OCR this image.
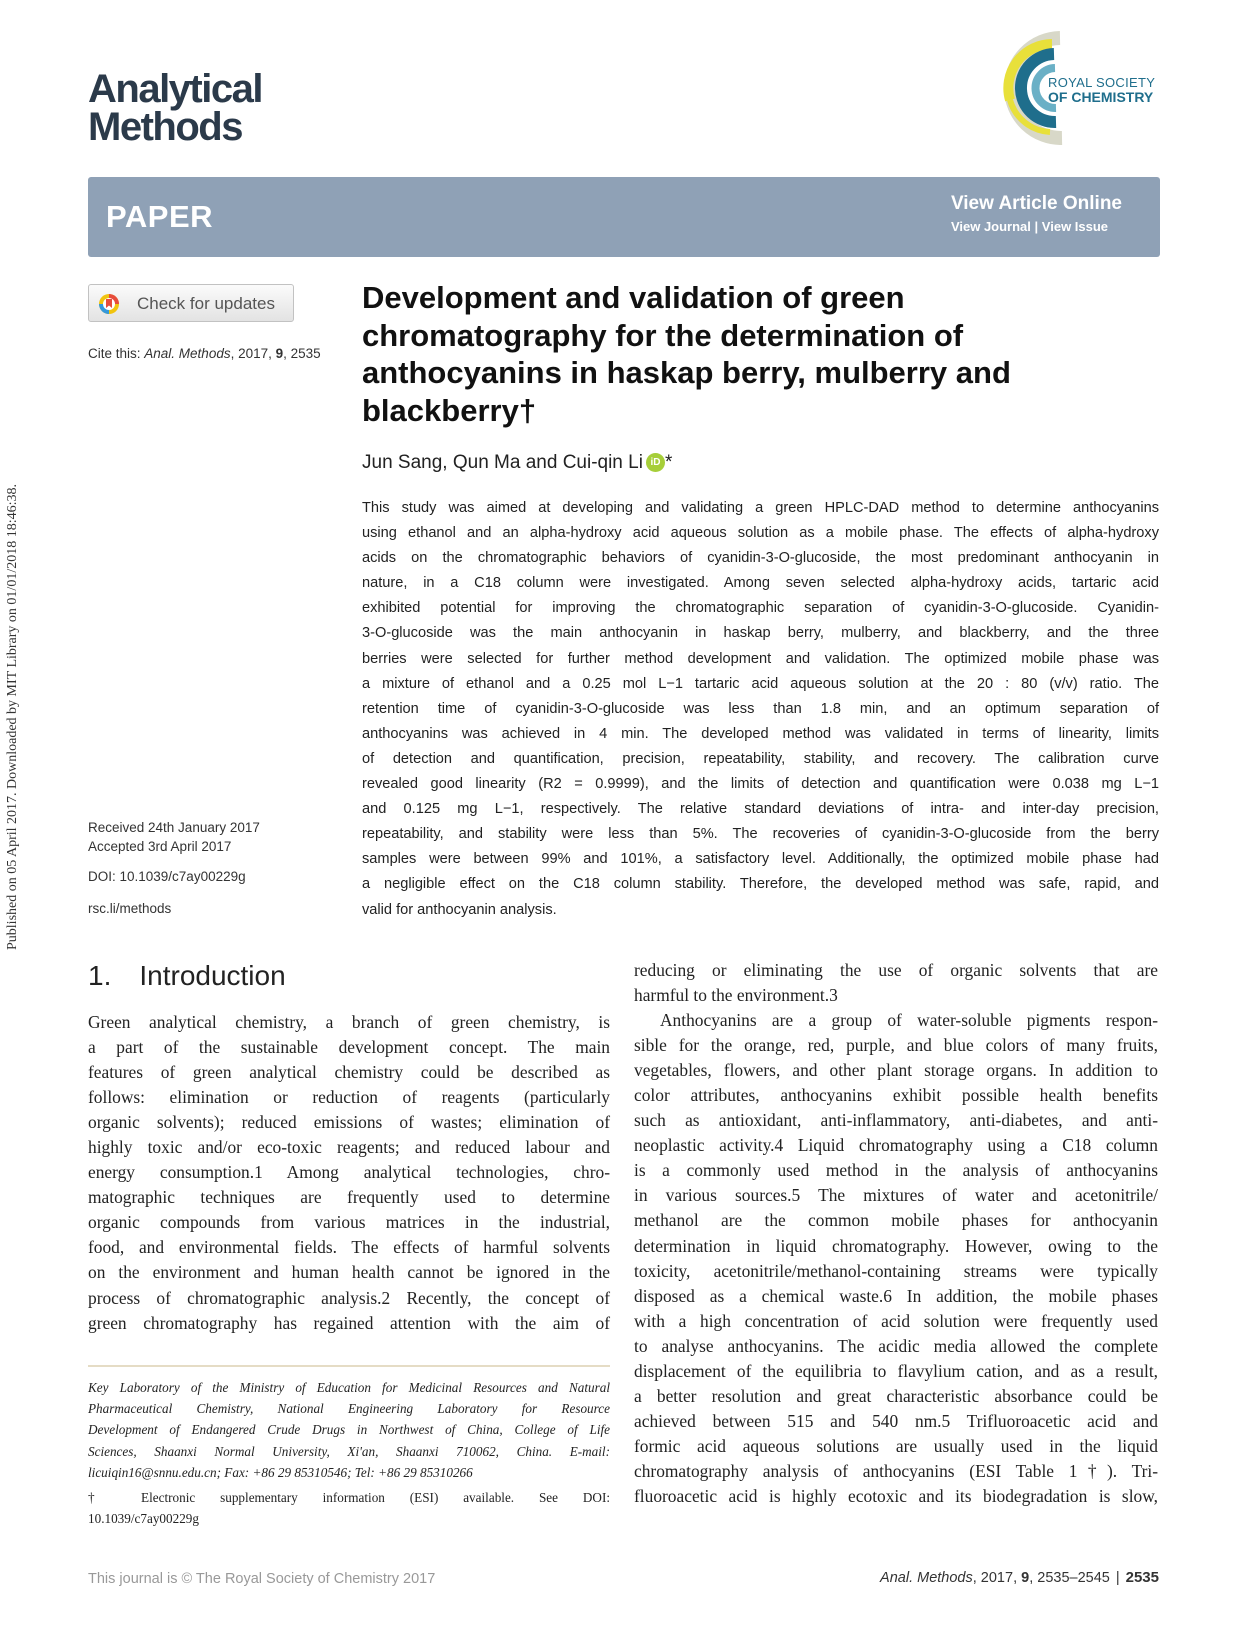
Analytical
Methods
ROYAL SOCIETY
OF CHEMISTRY
PAPER	View Article Online
View Journal | View Issue
Check for updates
Cite this: Anal. Methods, 2017, 9, 2535
Received 24th January 2017
Accepted 3rd April 2017
DOI: 10.1039/c7ay00229g
rsc.li/methods
Development and validation of green chromatography for the determination of anthocyanins in haskap berry, mulberry and blackberry†
Jun Sang, Qun Ma and Cui-qin Li iD *
This study was aimed at developing and validating a green HPLC-DAD method to determine anthocyanins
using ethanol and an alpha-hydroxy acid aqueous solution as a mobile phase. The effects of alpha-hydroxy
acids on the chromatographic behaviors of cyanidin-3-O-glucoside, the most predominant anthocyanin in
nature, in a C18 column were investigated. Among seven selected alpha-hydroxy acids, tartaric acid
exhibited potential for improving the chromatographic separation of cyanidin-3-O-glucoside. Cyanidin-
3-O-glucoside was the main anthocyanin in haskap berry, mulberry, and blackberry, and the three
berries were selected for further method development and validation. The optimized mobile phase was
a mixture of ethanol and a 0.25 mol L−1 tartaric acid aqueous solution at the 20 : 80 (v/v) ratio. The
retention time of cyanidin-3-O-glucoside was less than 1.8 min, and an optimum separation of
anthocyanins was achieved in 4 min. The developed method was validated in terms of linearity, limits
of detection and quantification, precision, repeatability, stability, and recovery. The calibration curve
revealed good linearity (R2 = 0.9999), and the limits of detection and quantification were 0.038 mg L−1
and 0.125 mg L−1, respectively. The relative standard deviations of intra- and inter-day precision,
repeatability, and stability were less than 5%. The recoveries of cyanidin-3-O-glucoside from the berry
samples were between 99% and 101%, a satisfactory level. Additionally, the optimized mobile phase had
a negligible effect on the C18 column stability. Therefore, the developed method was safe, rapid, and
valid for anthocyanin analysis.
1. Introduction
Green analytical chemistry, a branch of green chemistry, is
a part of the sustainable development concept. The main
features of green analytical chemistry could be described as
follows: elimination or reduction of reagents (particularly
organic solvents); reduced emissions of wastes; elimination of
highly toxic and/or eco-toxic reagents; and reduced labour and
energy consumption.1 Among analytical technologies, chro-
matographic techniques are frequently used to determine
organic compounds from various matrices in the industrial,
food, and environmental fields. The effects of harmful solvents
on the environment and human health cannot be ignored in the
process of chromatographic analysis.2 Recently, the concept of
green chromatography has regained attention with the aim of
reducing or eliminating the use of organic solvents that are
harmful to the environment.3
Anthocyanins are a group of water-soluble pigments respon-
sible for the orange, red, purple, and blue colors of many fruits,
vegetables, flowers, and other plant storage organs. In addition to
color attributes, anthocyanins exhibit possible health benefits
such as antioxidant, anti-inflammatory, anti-diabetes, and anti-
neoplastic activity.4 Liquid chromatography using a C18 column
is a commonly used method in the analysis of anthocyanins
in various sources.5 The mixtures of water and acetonitrile/
methanol are the common mobile phases for anthocyanin
determination in liquid chromatography. However, owing to the
toxicity, acetonitrile/methanol-containing streams were typically
disposed as a chemical waste.6 In addition, the mobile phases
with a high concentration of acid solution were frequently used
to analyse anthocyanins. The acidic media allowed the complete
displacement of the equilibria to flavylium cation, and as a result,
a better resolution and great characteristic absorbance could be
achieved between 515 and 540 nm.5 Trifluoroacetic acid and
formic acid aqueous solutions are usually used in the liquid
chromatography analysis of anthocyanins (ESI Table 1†). Tri-
fluoroacetic acid is highly ecotoxic and its biodegradation is slow,
Key Laboratory of the Ministry of Education for Medicinal Resources and Natural
Pharmaceutical Chemistry, National Engineering Laboratory for Resource
Development of Endangered Crude Drugs in Northwest of China, College of Life
Sciences, Shaanxi Normal University, Xi'an, Shaanxi 710062, China. E-mail:
licuiqin16@snnu.edu.cn; Fax: +86 29 85310546; Tel: +86 29 85310266
† Electronic supplementary information (ESI) available. See DOI:
10.1039/c7ay00229g
This journal is © The Royal Society of Chemistry 2017	Anal. Methods, 2017, 9, 2535–2545 | 2535
Published on 05 April 2017. Downloaded by MIT Library on 01/01/2018 18:46:38.
